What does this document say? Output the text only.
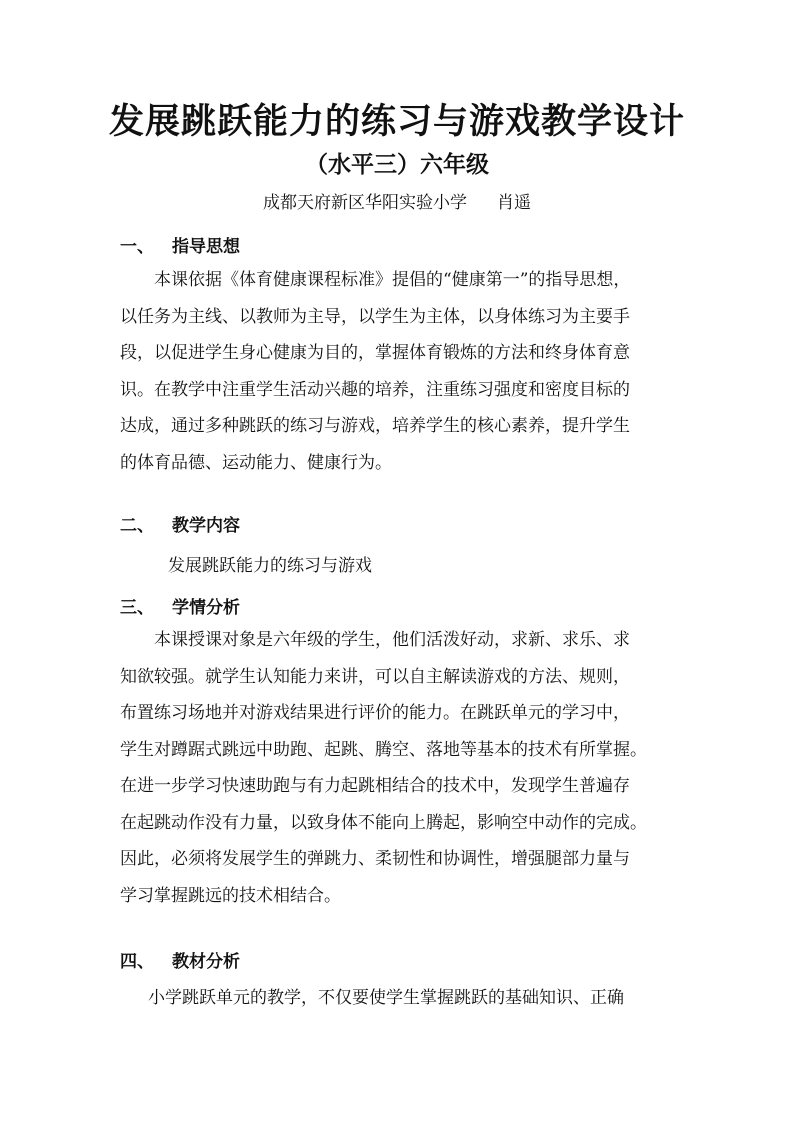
发展跳跃能力的练习与游戏教学设计
（水平三）六年级
成都天府新区华阳实验小学 肖遥
一、 指导思想
本课依据《体育健康课程标准》提倡的“健康第一”的指导思想，
以任务为主线、以教师为主导，以学生为主体，以身体练习为主要手
段，以促进学生身心健康为目的，掌握体育锻炼的方法和终身体育意
识。在教学中注重学生活动兴趣的培养，注重练习强度和密度目标的
达成，通过多种跳跃的练习与游戏，培养学生的核心素养，提升学生
的体育品德、运动能力、健康行为。
二、 教学内容
发展跳跃能力的练习与游戏
三、 学情分析
本课授课对象是六年级的学生，他们活泼好动，求新、求乐、求
知欲较强。就学生认知能力来讲，可以自主解读游戏的方法、规则，
布置练习场地并对游戏结果进行评价的能力。在跳跃单元的学习中，
学生对蹲踞式跳远中助跑、起跳、腾空、落地等基本的技术有所掌握。
在进一步学习快速助跑与有力起跳相结合的技术中，发现学生普遍存
在起跳动作没有力量，以致身体不能向上腾起，影响空中动作的完成。
因此，必须将发展学生的弹跳力、柔韧性和协调性，增强腿部力量与
学习掌握跳远的技术相结合。
四、 教材分析
小学跳跃单元的教学，不仅要使学生掌握跳跃的基础知识、正确
